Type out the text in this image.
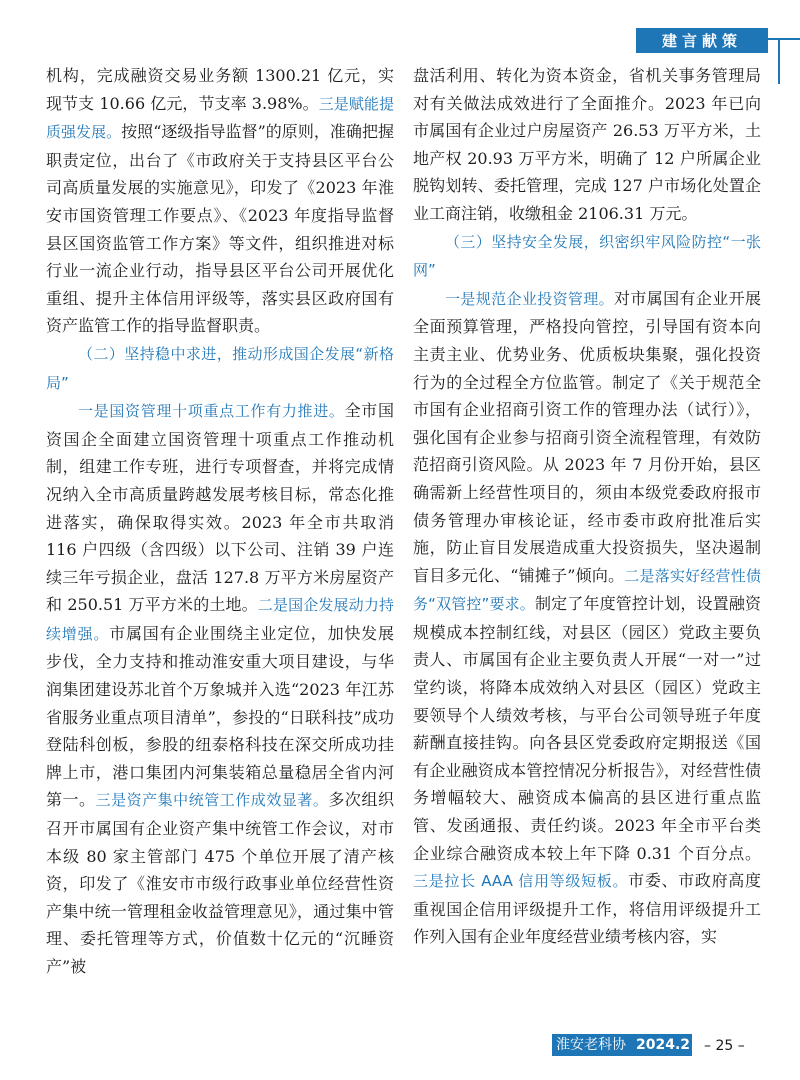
建言献策

机构，完成融资交易业务额 1300.21 亿元，实现节支 10.66 亿元，节支率 3.98%。三是赋能提质强发展。按照“逐级指导监督”的原则，准确把握职责定位，出台了《市政府关于支持县区平台公司高质量发展的实施意见》，印发了《2023 年淮安市国资管理工作要点》、《2023 年度指导监督县区国资监管工作方案》等文件，组织推进对标行业一流企业行动，指导县区平台公司开展优化重组、提升主体信用评级等，落实县区政府国有资产监管工作的指导监督职责。

（二）坚持稳中求进，推动形成国企发展“新格局”

一是国资管理十项重点工作有力推进。全市国资国企全面建立国资管理十项重点工作推动机制，组建工作专班，进行专项督查，并将完成情况纳入全市高质量跨越发展考核目标，常态化推进落实，确保取得实效。2023 年全市共取消 116 户四级（含四级）以下公司、注销 39 户连续三年亏损企业，盘活 127.8 万平方米房屋资产和 250.51 万平方米的土地。二是国企发展动力持续增强。市属国有企业围绕主业定位，加快发展步伐，全力支持和推动淮安重大项目建设，与华润集团建设苏北首个万象城并入选“2023 年江苏省服务业重点项目清单”，参投的“日联科技”成功登陆科创板，参股的纽泰格科技在深交所成功挂牌上市，港口集团内河集装箱总量稳居全省内河第一。三是资产集中统管工作成效显著。多次组织召开市属国有企业资产集中统管工作会议，对市本级 80 家主管部门 475 个单位开展了清产核资，印发了《淮安市市级行政事业单位经营性资产集中统一管理租金收益管理意见》，通过集中管理、委托管理等方式，价值数十亿元的“沉睡资产”被

盘活利用、转化为资本资金，省机关事务管理局对有关做法成效进行了全面推介。2023 年已向市属国有企业过户房屋资产 26.53 万平方米，土地产权 20.93 万平方米，明确了 12 户所属企业脱钩划转、委托管理，完成 127 户市场化处置企业工商注销，收缴租金 2106.31 万元。

（三）坚持安全发展，织密织牢风险防控“一张网”

一是规范企业投资管理。对市属国有企业开展全面预算管理，严格投向管控，引导国有资本向主责主业、优势业务、优质板块集聚，强化投资行为的全过程全方位监管。制定了《关于规范全市国有企业招商引资工作的管理办法（试行）》，强化国有企业参与招商引资全流程管理，有效防范招商引资风险。从 2023 年 7 月份开始，县区确需新上经营性项目的，须由本级党委政府报市债务管理办审核论证，经市委市政府批准后实施，防止盲目发展造成重大投资损失，坚决遏制盲目多元化、“铺摊子”倾向。二是落实好经营性债务“双管控”要求。制定了年度管控计划，设置融资规模成本控制红线，对县区（园区）党政主要负责人、市属国有企业主要负责人开展“一对一”过堂约谈，将降本成效纳入对县区（园区）党政主要领导个人绩效考核，与平台公司领导班子年度薪酬直接挂钩。向各县区党委政府定期报送《国有企业融资成本管控情况分析报告》，对经营性债务增幅较大、融资成本偏高的县区进行重点监管、发函通报、责任约谈。2023 年全市平台类企业综合融资成本较上年下降 0.31 个百分点。三是拉长 AAA 信用等级短板。市委、市政府高度重视国企信用评级提升工作，将信用评级提升工作列入国有企业年度经营业绩考核内容，实

淮安老科协 2024.2 – 25 –
